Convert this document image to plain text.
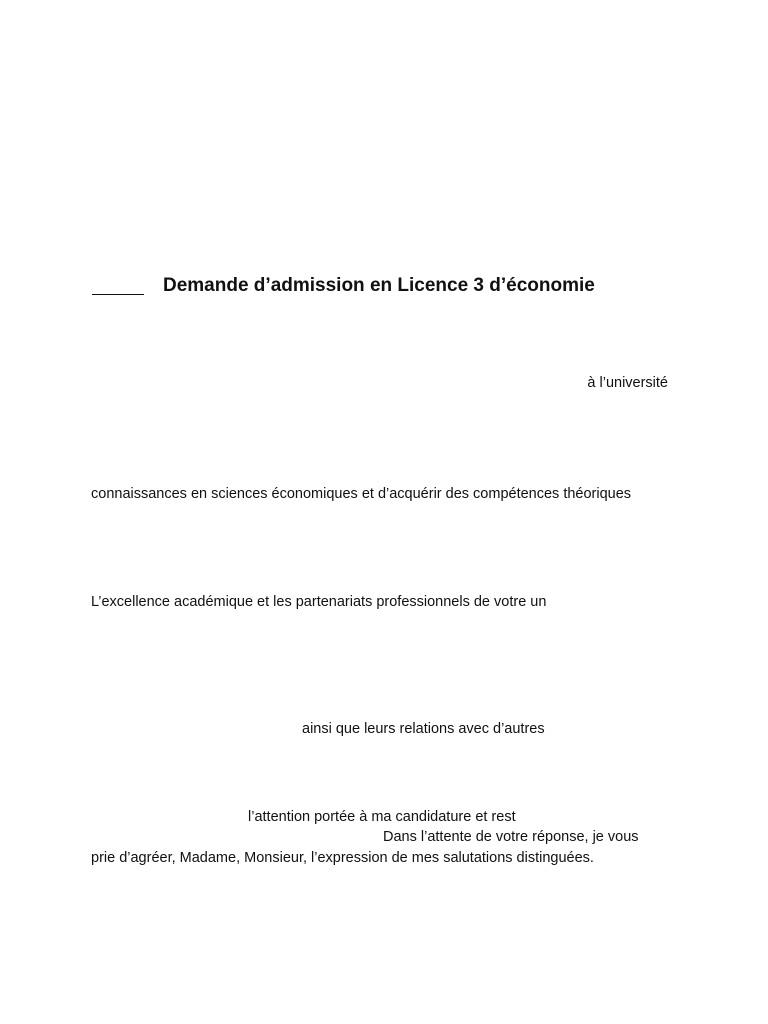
Demande d’admission en Licence 3 d’économie
à l’université
connaissances en sciences économiques et d’acquérir des compétences théoriques
L’excellence académique et les partenariats professionnels de votre un
ainsi que leurs relations avec d’autres
l’attention portée à ma candidature et rest
Dans l’attente de votre réponse, je vous
prie d’agréer, Madame, Monsieur, l’expression de mes salutations distinguées.
